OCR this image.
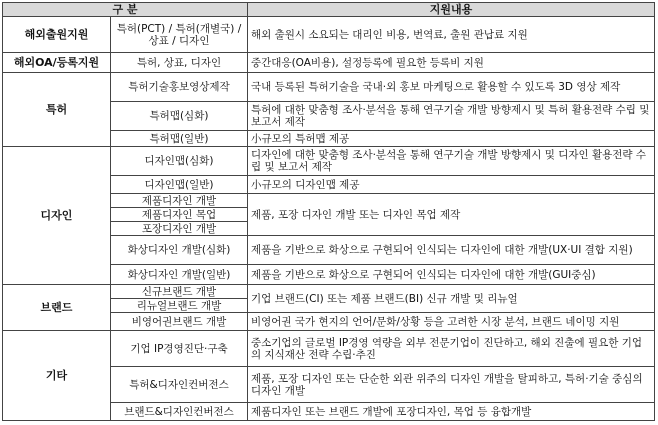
구 분		지원내용
해외출원지원	특허(PCT) / 특허(개별국) / 상표 / 디자인	해외 출원시 소요되는 대리인 비용, 번역료, 출원 관납료 지원
해외OA/등록지원	특허, 상표, 디자인	중간대응(OA비용), 설정등록에 필요한 등록비 지원
특허	특허기술홍보영상제작	국내 등록된 특허기술을 국내·외 홍보 마케팅으로 활용할 수 있도록 3D 영상 제작
	특허맵(심화)	특허에 대한 맞춤형 조사·분석을 통해 연구기술 개발 방향제시 및 특허 활용전략 수립 및 보고서 제작
	특허맵(일반)	小규모의 특허맵 제공
디자인	디자인맵(심화)	디자인에 대한 맞춤형 조사·분석을 통해 연구기술 개발 방향제시 및 디자인 활용전략 수립 및 보고서 제작
	디자인맵(일반)	小규모의 디자인맵 제공
	제품디자인 개발	제품, 포장 디자인 개발 또는 디자인 목업 제작
	제품디자인 목업	
	포장디자인 개발	
	화상디자인 개발(심화)	제품을 기반으로 화상으로 구현되어 인식되는 디자인에 대한 개발(UX·UI 결합 지원)
	화상디자인 개발(일반)	제품을 기반으로 화상으로 구현되어 인식되는 디자인에 대한 개발(GUI중심)
브랜드	신규브랜드 개발	기업 브랜드(CI) 또는 제품 브랜드(BI) 신규 개발 및 리뉴얼
	리뉴얼브랜드 개발	
	비영어권브랜드 개발	비영어권 국가 현지의 언어/문화/상황 등을 고려한 시장 분석, 브랜드 네이밍 지원
기타	기업 IP경영진단·구축	중소기업의 글로벌 IP경영 역량을 외부 전문기업이 진단하고, 해외 진출에 필요한 기업의 지식재산 전략 수립·추진
	특허&디자인컨버전스	제품, 포장 디자인 또는 단순한 외관 위주의 디자인 개발을 탈피하고, 특허·기술 중심의 디자인 개발
	브랜드&디자인컨버전스	제품디자인 또는 브랜드 개발에 포장디자인, 목업 등 융합개발
